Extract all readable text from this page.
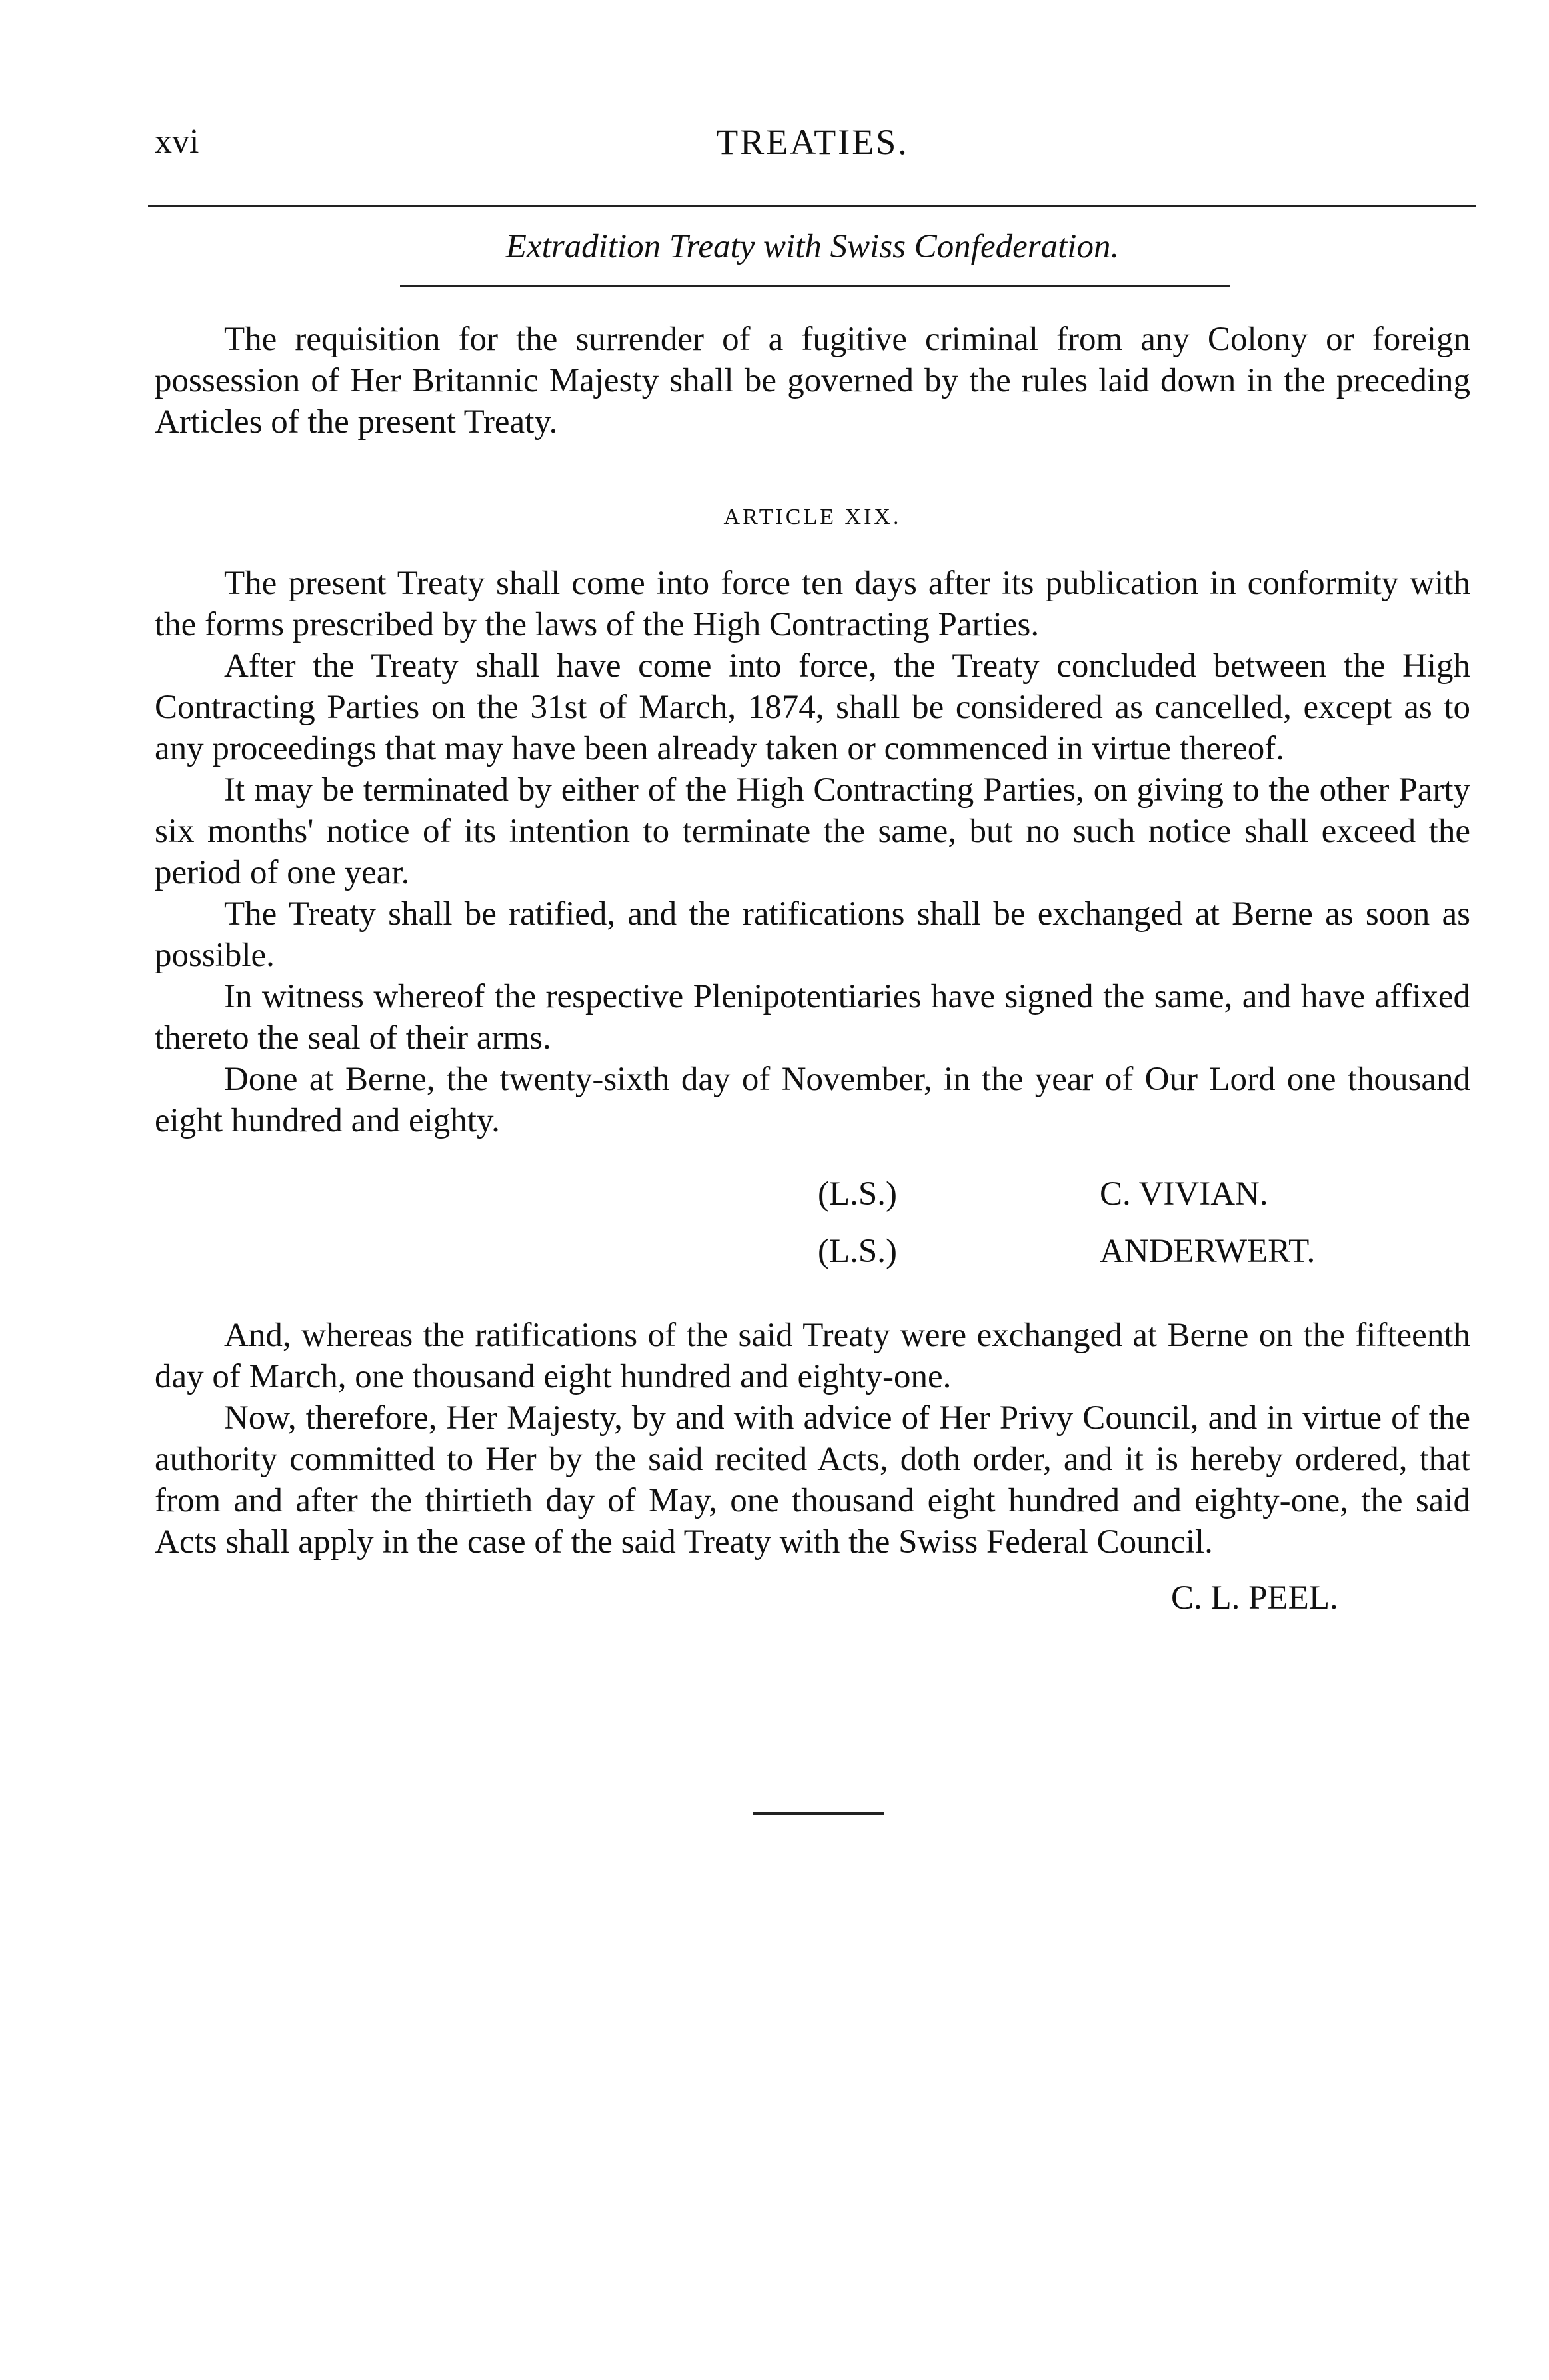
xvi	TREATIES.
Extradition Treaty with Swiss Confederation.

The requisition for the surrender of a fugitive criminal from any Colony or foreign possession of Her Britannic Majesty shall be governed by the rules laid down in the preceding Articles of the present Treaty.

ARTICLE XIX.

The present Treaty shall come into force ten days after its publication in conformity with the forms prescribed by the laws of the High Contracting Parties.

After the Treaty shall have come into force, the Treaty concluded between the High Contracting Parties on the 31st of March, 1874, shall be considered as cancelled, except as to any proceedings that may have been already taken or commenced in virtue thereof.

It may be terminated by either of the High Contracting Parties, on giving to the other Party six months' notice of its intention to terminate the same, but no such notice shall exceed the period of one year.

The Treaty shall be ratified, and the ratifications shall be exchanged at Berne as soon as possible.

In witness whereof the respective Plenipotentiaries have signed the same, and have affixed thereto the seal of their arms.

Done at Berne, the twenty-sixth day of November, in the year of Our Lord one thousand eight hundred and eighty.

(L.S.)	C. VIVIAN.
(L.S.)	ANDERWERT.

And, whereas the ratifications of the said Treaty were exchanged at Berne on the fifteenth day of March, one thousand eight hundred and eighty-one.

Now, therefore, Her Majesty, by and with advice of Her Privy Council, and in virtue of the authority committed to Her by the said recited Acts, doth order, and it is hereby ordered, that from and after the thirtieth day of May, one thousand eight hundred and eighty-one, the said Acts shall apply in the case of the said Treaty with the Swiss Federal Council.

C. L. PEEL.
